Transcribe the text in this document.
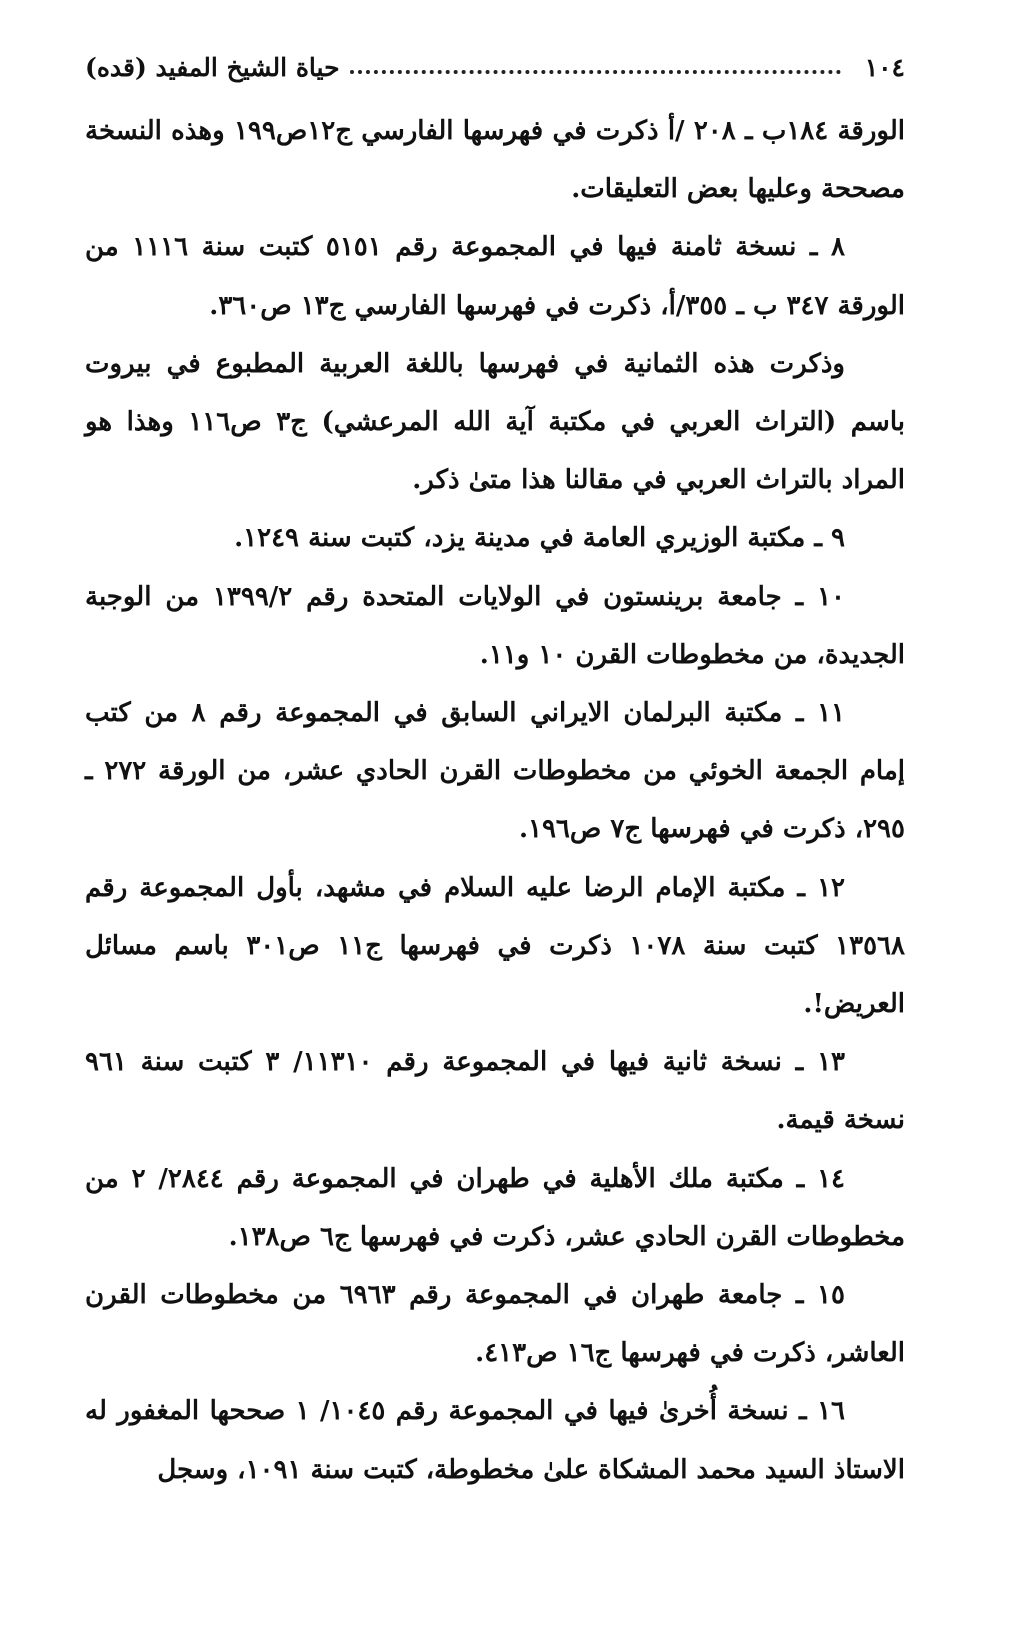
١٠٤
حياة الشيخ المفيد (قده)

الورقة ١٨٤ب ـ ٢٠٨ /أ ذكرت في فهرسها الفارسي ج١٢ص١٩٩ وهذه النسخة مصححة وعليها بعض التعليقات.

٨ ـ نسخة ثامنة فيها في المجموعة رقم ٥١٥١ كتبت سنة ١١١٦ من الورقة ٣٤٧ ب ـ ٣٥٥/أ، ذكرت في فهرسها الفارسي ج١٣ ص٣٦٠.

وذكرت هذه الثمانية في فهرسها باللغة العربية المطبوع في بيروت باسم (التراث العربي في مكتبة آية الله المرعشي) ج٣ ص١١٦ وهذا هو المراد بالتراث العربي في مقالنا هذا متىٰ ذكر.

٩ ـ مكتبة الوزيري العامة في مدينة يزد، كتبت سنة ١٢٤٩.

١٠ ـ جامعة برينستون في الولايات المتحدة رقم ١٣٩٩/٢ من الوجبة الجديدة، من مخطوطات القرن ١٠ و١١.

١١ ـ مكتبة البرلمان الايراني السابق في المجموعة رقم ٨ من كتب إمام الجمعة الخوئي من مخطوطات القرن الحادي عشر، من الورقة ٢٧٢ ـ ٢٩٥، ذكرت في فهرسها ج٧ ص١٩٦.

١٢ ـ مكتبة الإمام الرضا عليه السلام في مشهد، بأول المجموعة رقم ١٣٥٦٨ كتبت سنة ١٠٧٨ ذكرت في فهرسها ج١١ ص٣٠١ باسم مسائل العريض!.

١٣ ـ نسخة ثانية فيها في المجموعة رقم ١١٣١٠/ ٣ كتبت سنة ٩٦١ نسخة قيمة.

١٤ ـ مكتبة ملك الأهلية في طهران في المجموعة رقم ٢٨٤٤/ ٢ من مخطوطات القرن الحادي عشر، ذكرت في فهرسها ج٦ ص١٣٨.

١٥ ـ جامعة طهران في المجموعة رقم ٦٩٦٣ من مخطوطات القرن العاشر، ذكرت في فهرسها ج١٦ ص٤١٣.

١٦ ـ نسخة أُخرىٰ فيها في المجموعة رقم ١٠٤٥/ ١ صححها المغفور له الاستاذ السيد محمد المشكاة علىٰ مخطوطة، كتبت سنة ١٠٩١، وسجل
